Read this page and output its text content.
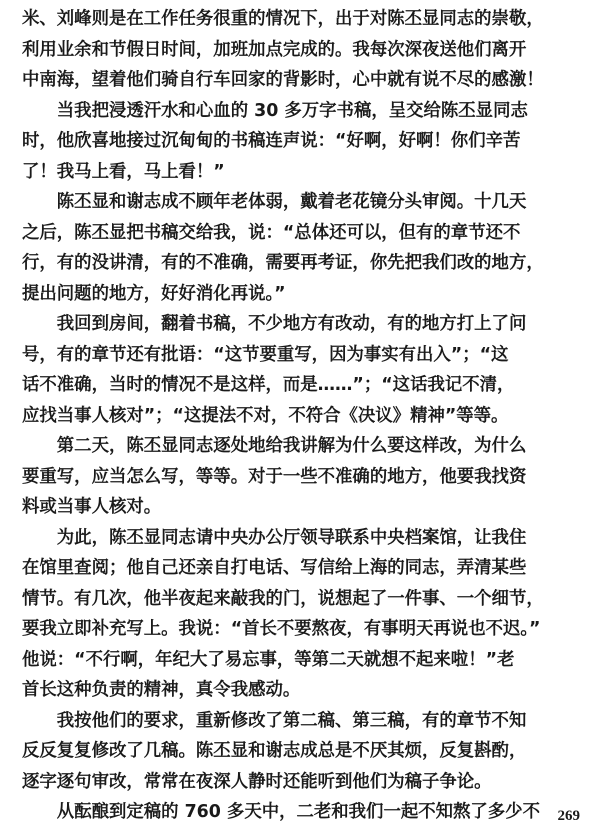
米、刘峰则是在工作任务很重的情况下，出于对陈丕显同志的崇敬，
利用业余和节假日时间，加班加点完成的。我每次深夜送他们离开
中南海，望着他们骑自行车回家的背影时，心中就有说不尽的感激！
　　当我把浸透汗水和心血的 30 多万字书稿，呈交给陈丕显同志
时，他欣喜地接过沉甸甸的书稿连声说：“好啊，好啊！你们辛苦
了！我马上看，马上看！”
　　陈丕显和谢志成不顾年老体弱，戴着老花镜分头审阅。十几天
之后，陈丕显把书稿交给我，说：“总体还可以，但有的章节还不
行，有的没讲清，有的不准确，需要再考证，你先把我们改的地方，
提出问题的地方，好好消化再说。”
　　我回到房间，翻着书稿，不少地方有改动，有的地方打上了问
号，有的章节还有批语：“这节要重写，因为事实有出入”；“这
话不准确，当时的情况不是这样，而是……”；“这话我记不清，
应找当事人核对”；“这提法不对，不符合《决议》精神”等等。
　　第二天，陈丕显同志逐处地给我讲解为什么要这样改，为什么
要重写，应当怎么写，等等。对于一些不准确的地方，他要我找资
料或当事人核对。
　　为此，陈丕显同志请中央办公厅领导联系中央档案馆，让我住
在馆里查阅；他自己还亲自打电话、写信给上海的同志，弄清某些
情节。有几次，他半夜起来敲我的门，说想起了一件事、一个细节，
要我立即补充写上。我说：“首长不要熬夜，有事明天再说也不迟。”
他说：“不行啊，年纪大了易忘事，等第二天就想不起来啦！”老
首长这种负责的精神，真令我感动。
　　我按他们的要求，重新修改了第二稿、第三稿，有的章节不知
反反复复修改了几稿。陈丕显和谢志成总是不厌其烦，反复斟酌，
逐字逐句审改，常常在夜深人静时还能听到他们为稿子争论。
　　从酝酿到定稿的 760 多天中，二老和我们一起不知熬了多少不	269
